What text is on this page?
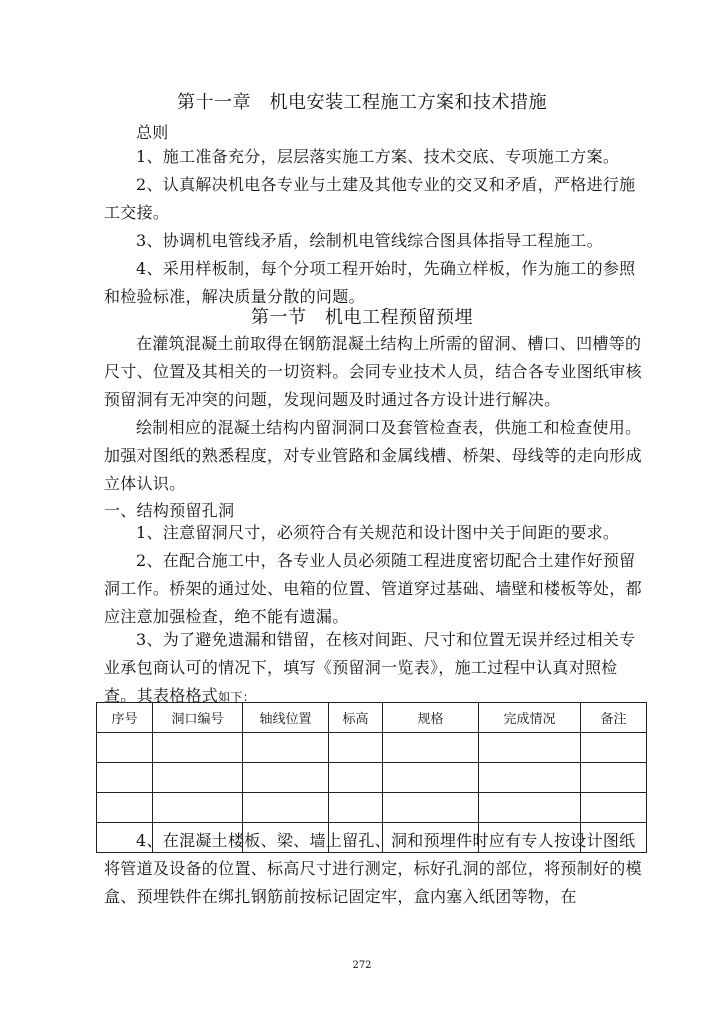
第十一章　机电安装工程施工方案和技术措施
总则

1、施工准备充分，层层落实施工方案、技术交底、专项施工方案。

2、认真解决机电各专业与土建及其他专业的交叉和矛盾，严格进行施工交接。

3、协调机电管线矛盾，绘制机电管线综合图具体指导工程施工。

4、采用样板制，每个分项工程开始时，先确立样板，作为施工的参照和检验标准，解决质量分散的问题。

第一节　机电工程预留预埋

在灌筑混凝土前取得在钢筋混凝土结构上所需的留洞、槽口、凹槽等的尺寸、位置及其相关的一切资料。会同专业技术人员，结合各专业图纸审核预留洞有无冲突的问题，发现问题及时通过各方设计进行解决。

绘制相应的混凝土结构内留洞洞口及套管检查表，供施工和检查使用。加强对图纸的熟悉程度，对专业管路和金属线槽、桥架、母线等的走向形成立体认识。

一、结构预留孔洞

1、注意留洞尺寸，必须符合有关规范和设计图中关于间距的要求。

2、在配合施工中，各专业人员必须随工程进度密切配合土建作好预留洞工作。桥架的通过处、电箱的位置、管道穿过基础、墙壁和楼板等处，都应注意加强检查，绝不能有遗漏。

3、为了避免遗漏和错留，在核对间距、尺寸和位置无误并经过相关专业承包商认可的情况下，填写《预留洞一览表》，施工过程中认真对照检查。其表格格式如下：

序号	洞口编号	轴线位置	标高	规格	完成情况	备注

4、在混凝土楼板、梁、墙上留孔、洞和预埋件时应有专人按设计图纸将管道及设备的位置、标高尺寸进行测定，标好孔洞的部位，将预制好的模盒、预埋铁件在绑扎钢筋前按标记固定牢，盒内塞入纸团等物，在

272
